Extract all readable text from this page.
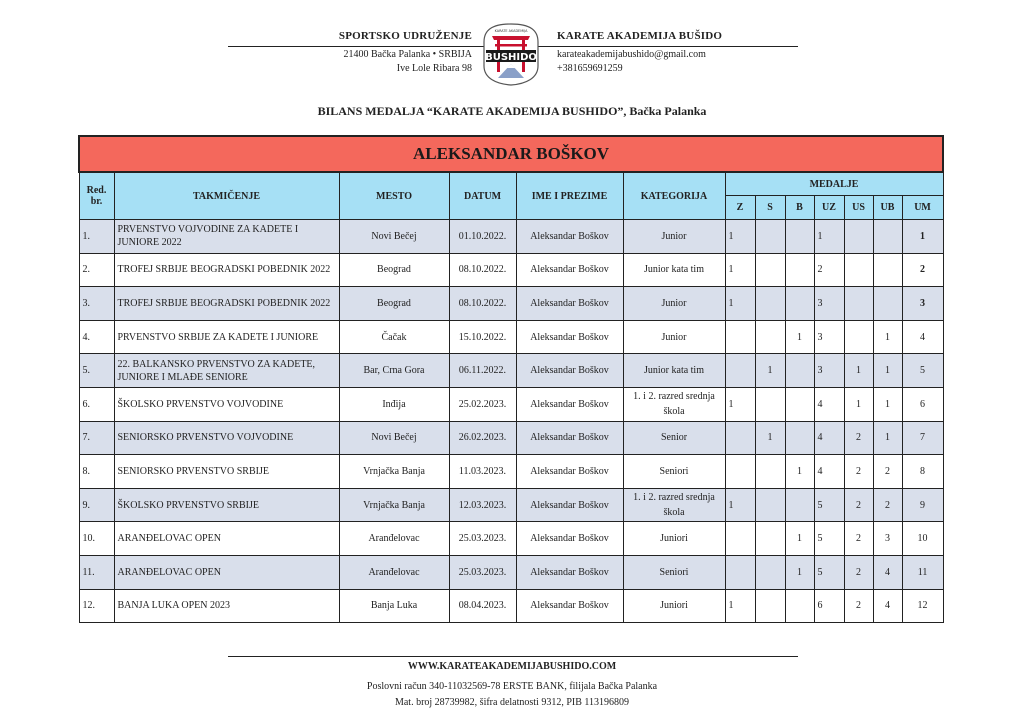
SPORTSKO UDRUŽENJE
21400 Bačka Palanka • SRBIJA
Ive Lole Ribara 98
KARATE AKADEMIJA BUŠIDO
karateakademijabushido@gmail.com
+381659691259
KARATE AKADEMIJA
BUSHIDO
BILANS MEDALJA “KARATE AKADEMIJA BUSHIDO”, Bačka Palanka
ALEKSANDAR BOŠKOV												
Red. br.	TAKMIČENJE	MESTO	DATUM	IME I PREZIME	KATEGORIJA	MEDALJE						
						Z	S	B	UZ	US	UB	UM
1.	PRVENSTVO VOJVODINE ZA KADETE I JUNIORE 2022	Novi Bečej	01.10.2022.	Aleksandar Boškov	Junior	1			1			1
2.	TROFEJ SRBIJE BEOGRADSKI POBEDNIK 2022	Beograd	08.10.2022.	Aleksandar Boškov	Junior kata tim	1			2			2
3.	TROFEJ SRBIJE BEOGRADSKI POBEDNIK 2022	Beograd	08.10.2022.	Aleksandar Boškov	Junior	1			3			3
4.	PRVENSTVO SRBIJE ZA KADETE I JUNIORE	Čačak	15.10.2022.	Aleksandar Boškov	Junior			1	3		1	4
5.	22. BALKANSKO PRVENSTVO ZA KADETE, JUNIORE I MLAĐE SENIORE	Bar, Crna Gora	06.11.2022.	Aleksandar Boškov	Junior kata tim		1		3	1	1	5
6.	ŠKOLSKO PRVENSTVO VOJVODINE	Inđija	25.02.2023.	Aleksandar Boškov	1. i 2. razred srednja škola	1			4	1	1	6
7.	SENIORSKO PRVENSTVO VOJVODINE	Novi Bečej	26.02.2023.	Aleksandar Boškov	Senior		1		4	2	1	7
8.	SENIORSKO PRVENSTVO SRBIJE	Vrnjačka Banja	11.03.2023.	Aleksandar Boškov	Seniori			1	4	2	2	8
9.	ŠKOLSKO PRVENSTVO SRBIJE	Vrnjačka Banja	12.03.2023.	Aleksandar Boškov	1. i 2. razred srednja škola	1			5	2	2	9
10.	ARANĐELOVAC OPEN	Aranđelovac	25.03.2023.	Aleksandar Boškov	Juniori			1	5	2	3	10
11.	ARANĐELOVAC OPEN	Aranđelovac	25.03.2023.	Aleksandar Boškov	Seniori			1	5	2	4	11
12.	BANJA LUKA OPEN 2023	Banja Luka	08.04.2023.	Aleksandar Boškov	Juniori	1			6	2	4	12
WWW.KARATEAKADEMIJABUSHIDO.COM
Poslovni račun 340-11032569-78 ERSTE BANK, filijala Bačka Palanka
Mat. broj 28739982, šifra delatnosti 9312, PIB 113196809
